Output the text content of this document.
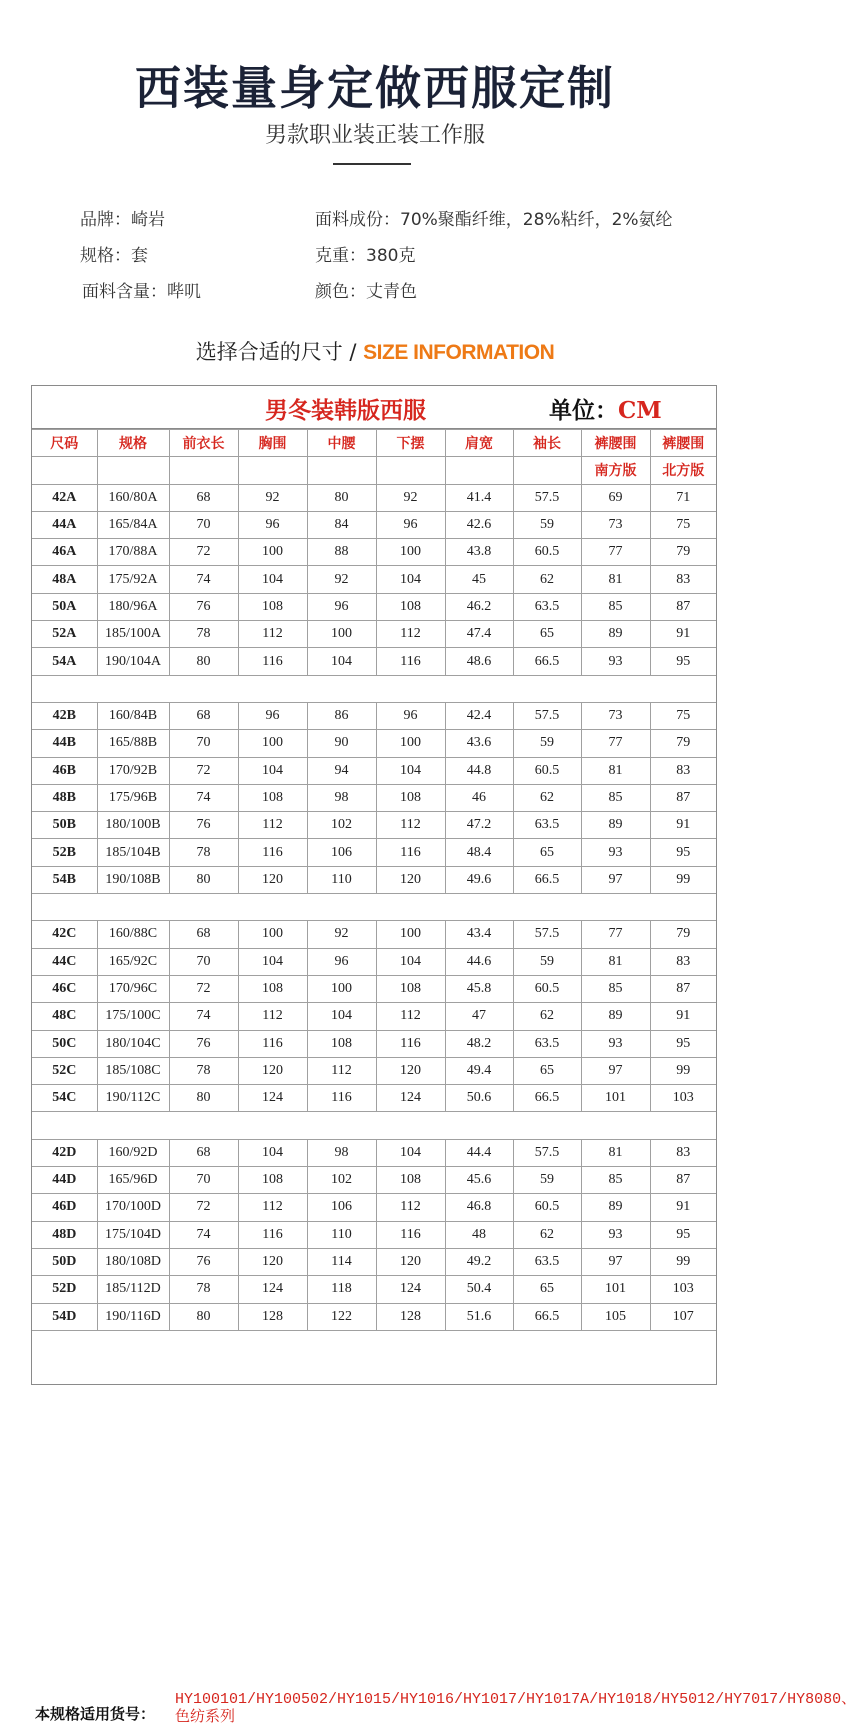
西装量身定做西服定制
男款职业装正装工作服
品牌：崎岩	面料成份：70%聚酯纤维，28%粘纤，2%氨纶
规格：套	克重：380克
面料含量：哔叽	颜色：丈青色
选择合适的尺寸 / SIZE INFORMATION
男冬装韩版西服	单位：CM
尺码	规格	前衣长	胸围	中腰	下摆	肩宽	袖长	裤腰围	裤腰围
								南方版	北方版
42A	160/80A	68	92	80	92	41.4	57.5	69	71
44A	165/84A	70	96	84	96	42.6	59	73	75
46A	170/88A	72	100	88	100	43.8	60.5	77	79
48A	175/92A	74	104	92	104	45	62	81	83
50A	180/96A	76	108	96	108	46.2	63.5	85	87
52A	185/100A	78	112	100	112	47.4	65	89	91
54A	190/104A	80	116	104	116	48.6	66.5	93	95

42B	160/84B	68	96	86	96	42.4	57.5	73	75
44B	165/88B	70	100	90	100	43.6	59	77	79
46B	170/92B	72	104	94	104	44.8	60.5	81	83
48B	175/96B	74	108	98	108	46	62	85	87
50B	180/100B	76	112	102	112	47.2	63.5	89	91
52B	185/104B	78	116	106	116	48.4	65	93	95
54B	190/108B	80	120	110	120	49.6	66.5	97	99

42C	160/88C	68	100	92	100	43.4	57.5	77	79
44C	165/92C	70	104	96	104	44.6	59	81	83
46C	170/96C	72	108	100	108	45.8	60.5	85	87
48C	175/100C	74	112	104	112	47	62	89	91
50C	180/104C	76	116	108	116	48.2	63.5	93	95
52C	185/108C	78	120	112	120	49.4	65	97	99
54C	190/112C	80	124	116	124	50.6	66.5	101	103

42D	160/92D	68	104	98	104	44.4	57.5	81	83
44D	165/96D	70	108	102	108	45.6	59	85	87
46D	170/100D	72	112	106	112	46.8	60.5	89	91
48D	175/104D	74	116	110	116	48	62	93	95
50D	180/108D	76	120	114	120	49.2	63.5	97	99
52D	185/112D	78	124	118	124	50.4	65	101	103
54D	190/116D	80	128	122	128	51.6	66.5	105	107
本规格适用货号：
HY100101/HY100502/HY1015/HY1016/HY1017/HY1017A/HY1018/HY5012/HY7017/HY8080、色纺系列
